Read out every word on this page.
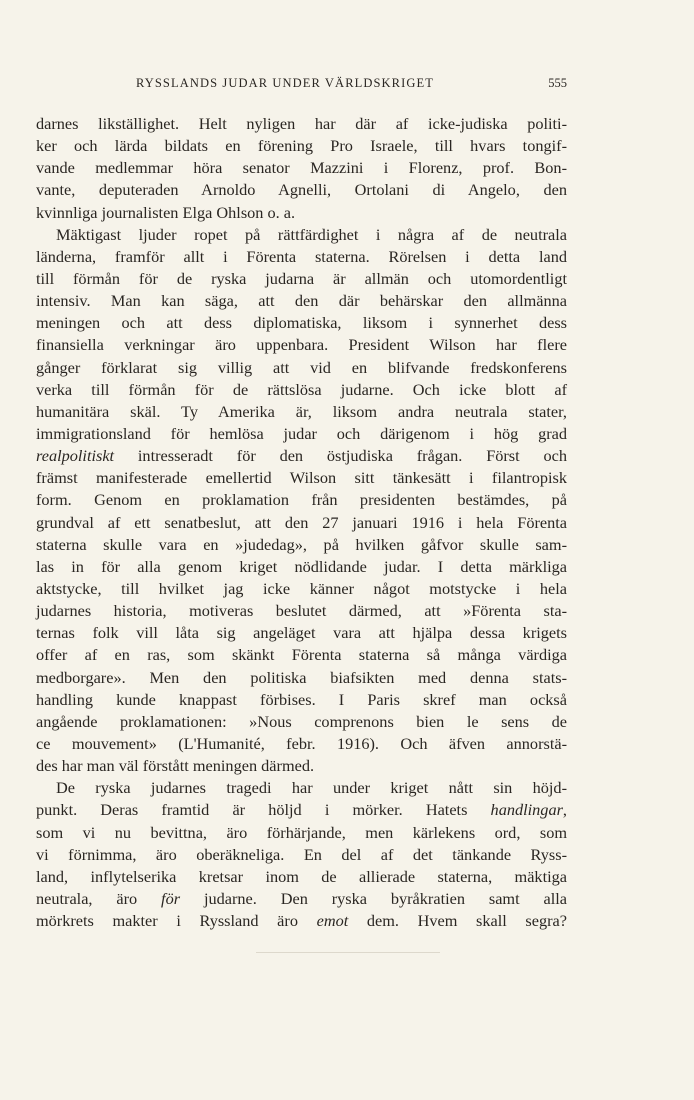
RYSSLANDS JUDAR UNDER VÄRLDSKRIGET	555
darnes likställighet. Helt nyligen har där af icke-judiska politi-
ker och lärda bildats en förening Pro Israele, till hvars tongif-
vande medlemmar höra senator Mazzini i Florenz, prof. Bon-
vante, deputeraden Arnoldo Agnelli, Ortolani di Angelo, den
kvinnliga journalisten Elga Ohlson o. a.
Mäktigast ljuder ropet på rättfärdighet i några af de neutrala
länderna, framför allt i Förenta staterna. Rörelsen i detta land
till förmån för de ryska judarna är allmän och utomordentligt
intensiv. Man kan säga, att den där behärskar den allmänna
meningen och att dess diplomatiska, liksom i synnerhet dess
finansiella verkningar äro uppenbara. President Wilson har flere
gånger förklarat sig villig att vid en blifvande fredskonferens
verka till förmån för de rättslösa judarne. Och icke blott af
humanitära skäl. Ty Amerika är, liksom andra neutrala stater,
immigrationsland för hemlösa judar och därigenom i hög grad
realpolitiskt intresseradt för den östjudiska frågan. Först och
främst manifesterade emellertid Wilson sitt tänkesätt i filantropisk
form. Genom en proklamation från presidenten bestämdes, på
grundval af ett senatbeslut, att den 27 januari 1916 i hela Förenta
staterna skulle vara en »judedag», på hvilken gåfvor skulle sam-
las in för alla genom kriget nödlidande judar. I detta märkliga
aktstycke, till hvilket jag icke känner något motstycke i hela
judarnes historia, motiveras beslutet därmed, att »Förenta sta-
ternas folk vill låta sig angeläget vara att hjälpa dessa krigets
offer af en ras, som skänkt Förenta staterna så många värdiga
medborgare». Men den politiska biafsikten med denna stats-
handling kunde knappast förbises. I Paris skref man också
angående proklamationen: »Nous comprenons bien le sens de
ce mouvement» (L'Humanité, febr. 1916). Och äfven annorstä-
des har man väl förstått meningen därmed.
De ryska judarnes tragedi har under kriget nått sin höjd-
punkt. Deras framtid är höljd i mörker. Hatets handlingar,
som vi nu bevittna, äro förhärjande, men kärlekens ord, som
vi förnimma, äro oberäkneliga. En del af det tänkande Ryss-
land, inflytelserika kretsar inom de allierade staterna, mäktiga
neutrala, äro för judarne. Den ryska byråkratien samt alla
mörkrets makter i Ryssland äro emot dem. Hvem skall segra?
